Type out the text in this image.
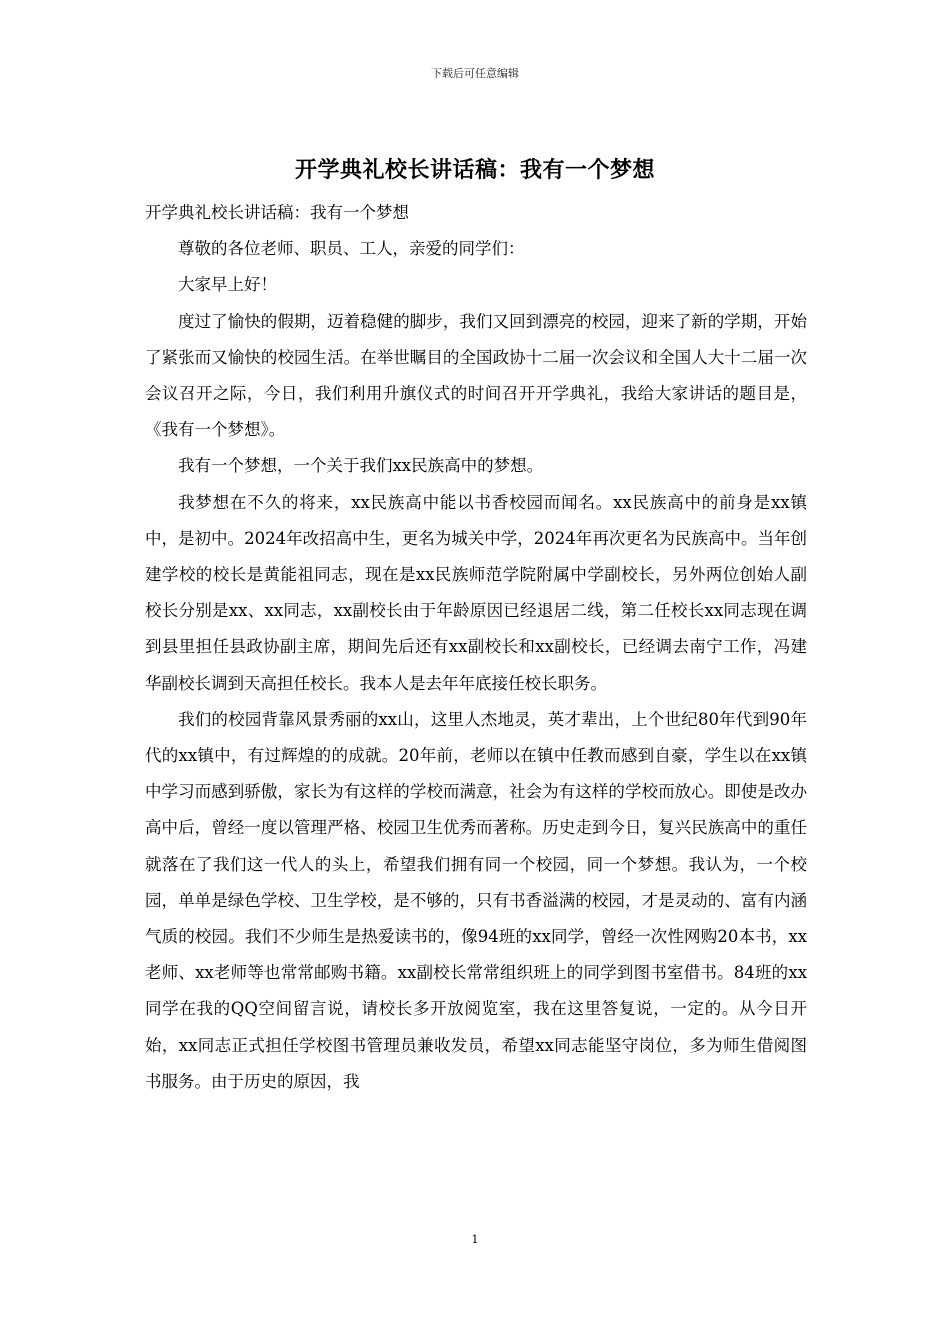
下载后可任意编辑
开学典礼校长讲话稿：我有一个梦想

开学典礼校长讲话稿：我有一个梦想

尊敬的各位老师、职员、工人，亲爱的同学们：

大家早上好！

度过了愉快的假期，迈着稳健的脚步，我们又回到漂亮的校园，迎来了新的学期，开始了紧张而又愉快的校园生活。在举世瞩目的全国政协十二届一次会议和全国人大十二届一次会议召开之际，今日，我们利用升旗仪式的时间召开开学典礼，我给大家讲话的题目是，《我有一个梦想》。

我有一个梦想，一个关于我们xx民族高中的梦想。

我梦想在不久的将来，xx民族高中能以书香校园而闻名。xx民族高中的前身是xx镇中，是初中。2024年改招高中生，更名为城关中学，2024年再次更名为民族高中。当年创建学校的校长是黄能祖同志，现在是xx民族师范学院附属中学副校长，另外两位创始人副校长分别是xx、xx同志，xx副校长由于年龄原因已经退居二线，第二任校长xx同志现在调到县里担任县政协副主席，期间先后还有xx副校长和xx副校长，已经调去南宁工作，冯建华副校长调到天高担任校长。我本人是去年年底接任校长职务。

我们的校园背靠风景秀丽的xx山，这里人杰地灵，英才辈出，上个世纪80年代到90年代的xx镇中，有过辉煌的的成就。20年前，老师以在镇中任教而感到自豪，学生以在xx镇中学习而感到骄傲，家长为有这样的学校而满意，社会为有这样的学校而放心。即使是改办高中后，曾经一度以管理严格、校园卫生优秀而著称。历史走到今日，复兴民族高中的重任就落在了我们这一代人的头上，希望我们拥有同一个校园，同一个梦想。我认为，一个校园，单单是绿色学校、卫生学校，是不够的，只有书香溢满的校园，才是灵动的、富有内涵气质的校园。我们不少师生是热爱读书的，像94班的xx同学，曾经一次性网购20本书，xx老师、xx老师等也常常邮购书籍。xx副校长常常组织班上的同学到图书室借书。84班的xx同学在我的QQ空间留言说，请校长多开放阅览室，我在这里答复说，一定的。从今日开始，xx同志正式担任学校图书管理员兼收发员，希望xx同志能坚守岗位，多为师生借阅图书服务。由于历史的原因，我

1
